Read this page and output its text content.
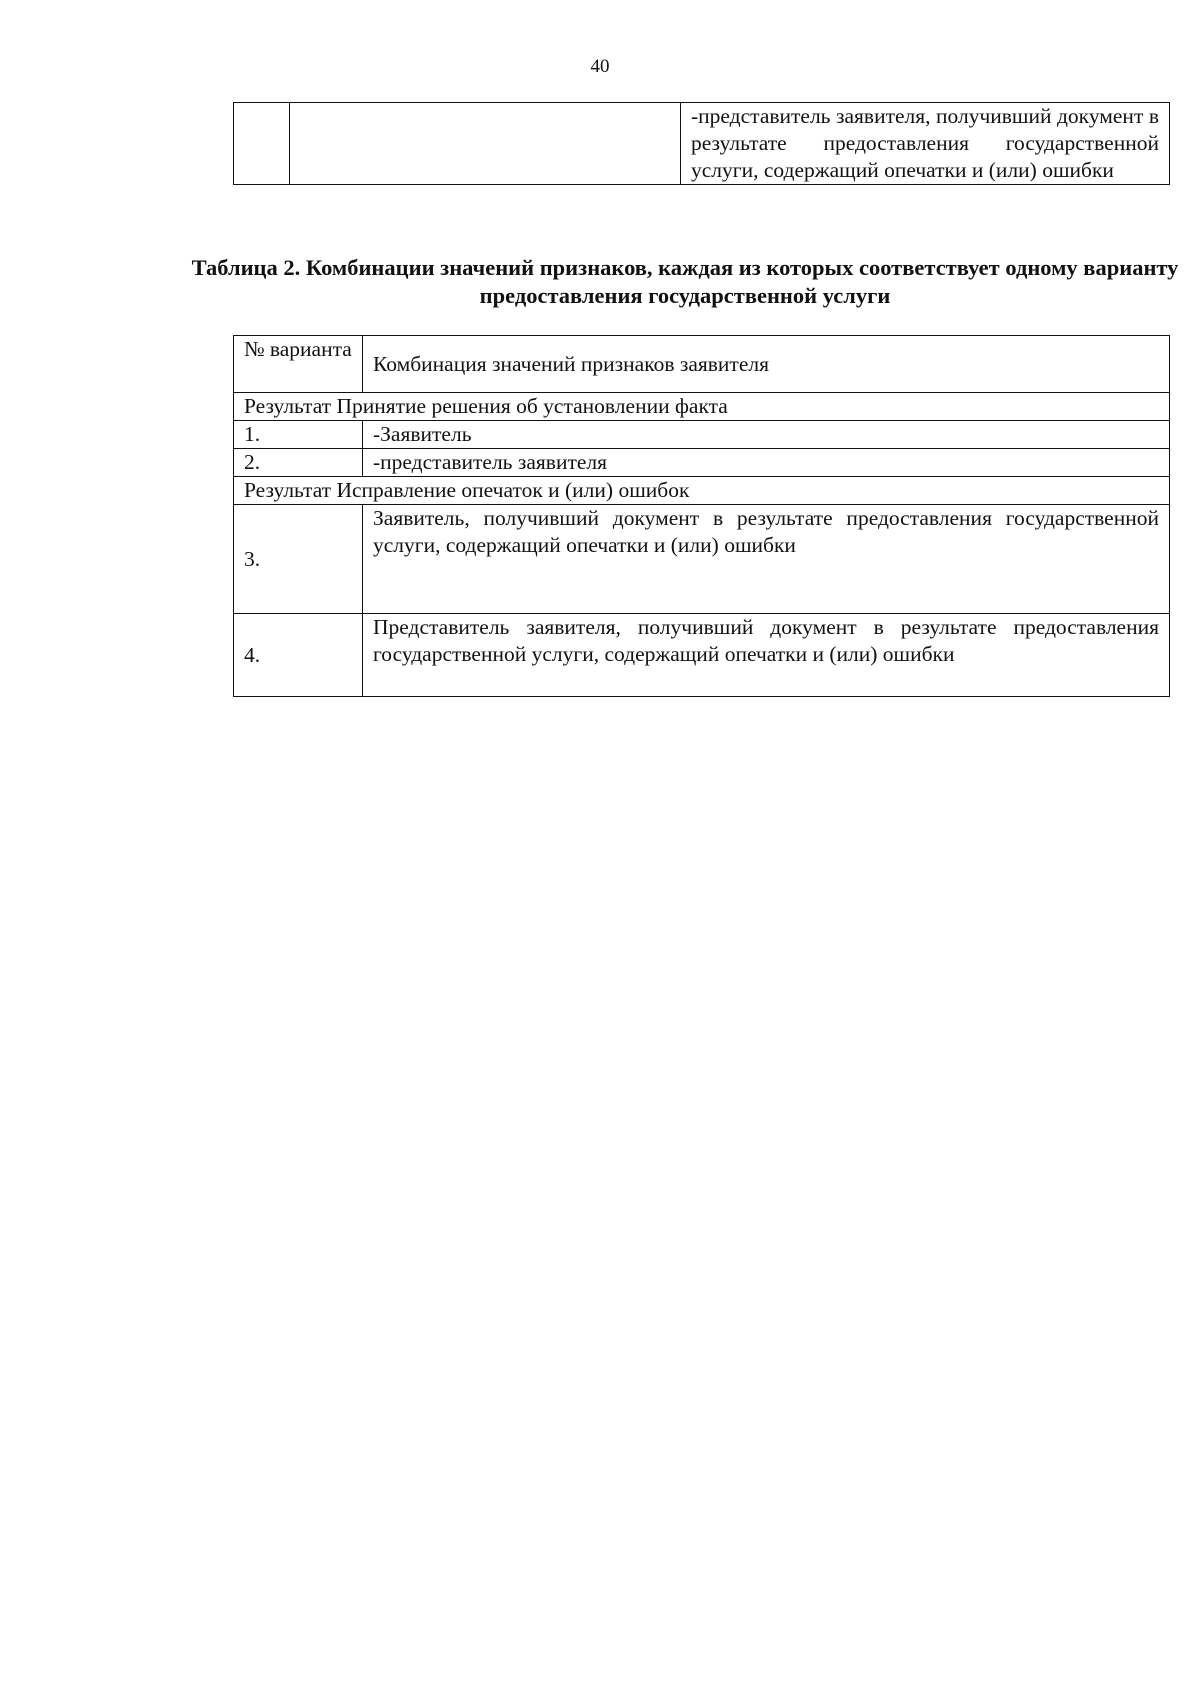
40
		-представитель заявителя, получивший документ в результате предоставления государственной услуги, содержащий опечатки и (или) ошибки
Таблица 2. Комбинации значений признаков, каждая из которых соответствует одному варианту предоставления государственной услуги
№ варианта	Комбинация значений признаков заявителя
Результат Принятие решения об установлении факта	
1.	-Заявитель
2.	-представитель заявителя
Результат Исправление опечаток и (или) ошибок	
3.	Заявитель, получивший документ в результате предоставления государственной услуги, содержащий опечатки и (или) ошибки
4.	Представитель заявителя, получивший документ в результате предоставления государственной услуги, содержащий опечатки и (или) ошибки
